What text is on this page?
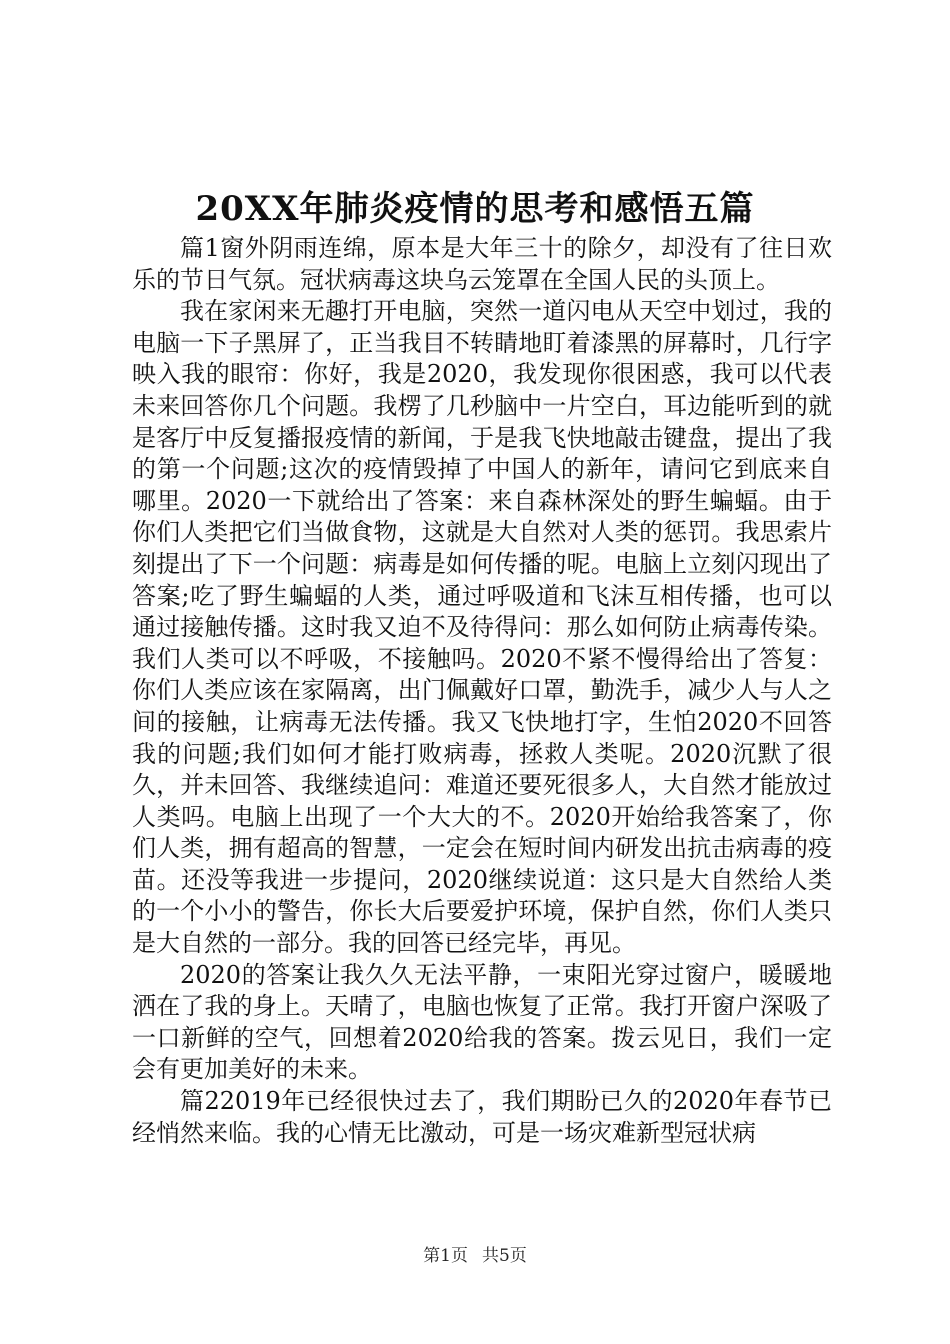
20XX年肺炎疫情的思考和感悟五篇

篇1窗外阴雨连绵，原本是大年三十的除夕，却没有了往日欢乐的节日气氛。冠状病毒这块乌云笼罩在全国人民的头顶上。

我在家闲来无趣打开电脑，突然一道闪电从天空中划过，我的电脑一下子黑屏了，正当我目不转睛地盯着漆黑的屏幕时，几行字映入我的眼帘：你好，我是2020，我发现你很困惑，我可以代表未来回答你几个问题。我楞了几秒脑中一片空白，耳边能听到的就是客厅中反复播报疫情的新闻，于是我飞快地敲击键盘，提出了我的第一个问题;这次的疫情毁掉了中国人的新年，请问它到底来自哪里。2020一下就给出了答案：来自森林深处的野生蝙蝠。由于你们人类把它们当做食物，这就是大自然对人类的惩罚。我思索片刻提出了下一个问题：病毒是如何传播的呢。电脑上立刻闪现出了答案;吃了野生蝙蝠的人类，通过呼吸道和飞沫互相传播，也可以通过接触传播。这时我又迫不及待得问：那么如何防止病毒传染。我们人类可以不呼吸，不接触吗。2020不紧不慢得给出了答复：你们人类应该在家隔离，出门佩戴好口罩，勤洗手，减少人与人之间的接触，让病毒无法传播。我又飞快地打字，生怕2020不回答我的问题;我们如何才能打败病毒，拯救人类呢。2020沉默了很久，并未回答、我继续追问：难道还要死很多人，大自然才能放过人类吗。电脑上出现了一个大大的不。2020开始给我答案了，你们人类，拥有超高的智慧，一定会在短时间内研发出抗击病毒的疫苗。还没等我进一步提问，2020继续说道：这只是大自然给人类的一个小小的警告，你长大后要爱护环境，保护自然，你们人类只是大自然的一部分。我的回答已经完毕，再见。

2020的答案让我久久无法平静，一束阳光穿过窗户，暖暖地洒在了我的身上。天晴了，电脑也恢复了正常。我打开窗户深吸了一口新鲜的空气，回想着2020给我的答案。拨云见日，我们一定会有更加美好的未来。

篇22019年已经很快过去了，我们期盼已久的2020年春节已经悄然来临。我的心情无比激动，可是一场灾难新型冠状病

第1页 共5页
